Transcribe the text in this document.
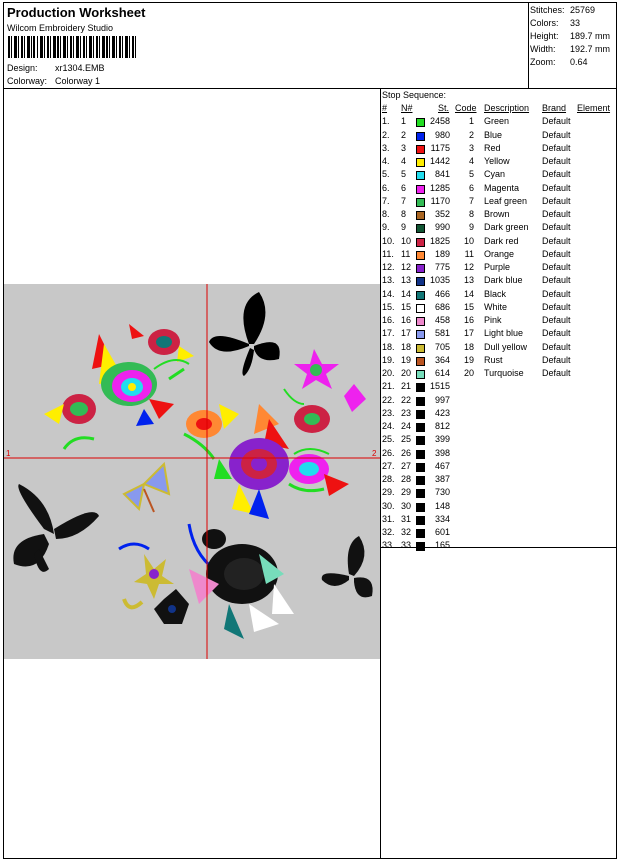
Production Worksheet
Wilcom Embroidery Studio
Design: xr1304.EMB
Colorway: Colorway 1
Stitches: 25769
Colors: 33
Height: 189.7 mm
Width: 192.7 mm
Zoom: 0.64
1	2
Stop Sequence:
# N#	St. Code Description Brand Element
1. 1	2458	1 Green	Default
2. 2	980	2 Blue	Default
3. 3	1175	3 Red	Default
4. 4	1442	4 Yellow	Default
5. 5	841	5 Cyan	Default
6. 6	1285	6 Magenta	Default
7. 7	1170	7 Leaf green Default
8. 8	352	8 Brown	Default
9. 9	990	9 Dark green Default
10. 10	1825	10 Dark red	Default
11. 11	189	11 Orange	Default
12. 12	775	12 Purple	Default
13. 13	1035	13 Dark blue Default
14. 14	466	14 Black	Default
15. 15	686	15 White	Default
16. 16	458	16 Pink	Default
17. 17	581	17 Light blue Default
18. 18	705	18 Dull yellow Default
19. 19	364	19 Rust	Default
20. 20	614	20 Turquoise Default
21. 21	1515
22. 22	997
23. 23	423
24. 24	812
25. 25	399
26. 26	398
27. 27	467
28. 28	387
29. 29	730
30. 30	148
31. 31	334
32. 32	601
33. 33	165
